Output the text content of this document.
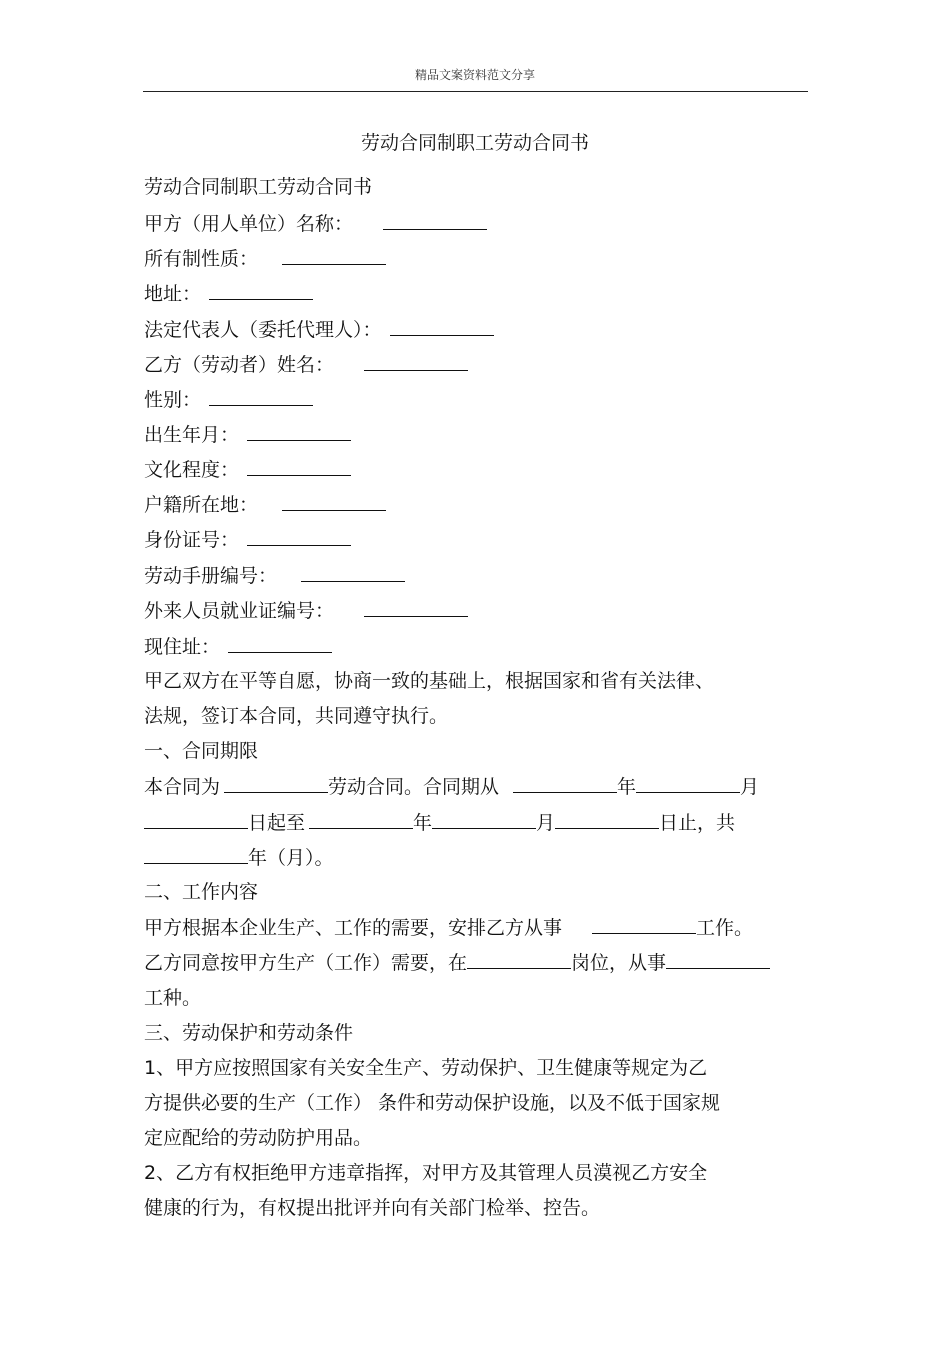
精品文案资料范文分享
劳动合同制职工劳动合同书
劳动合同制职工劳动合同书
甲方（用人单位）名称：
所有制性质：
地址：
法定代表人（委托代理人）：
乙方（劳动者）姓名：
性别：
出生年月：
文化程度：
户籍所在地：
身份证号：
劳动手册编号：
外来人员就业证编号：
现住址：
甲乙双方在平等自愿，协商一致的基础上，根据国家和省有关法律、
法规，签订本合同，共同遵守执行。
一、合同期限
本合同为	劳动合同。合同期从	年	月
日起至	年	月	日止，共
年（月）。
二、工作内容
甲方根据本企业生产、工作的需要，安排乙方从事	工作。
乙方同意按甲方生产（工作）需要，在	岗位，从事
工种。
三、劳动保护和劳动条件
1、甲方应按照国家有关安全生产、劳动保护、卫生健康等规定为乙
方提供必要的生产（工作） 条件和劳动保护设施，以及不低于国家规
定应配给的劳动防护用品。
2、乙方有权拒绝甲方违章指挥，对甲方及其管理人员漠视乙方安全
健康的行为，有权提出批评并向有关部门检举、控告。
